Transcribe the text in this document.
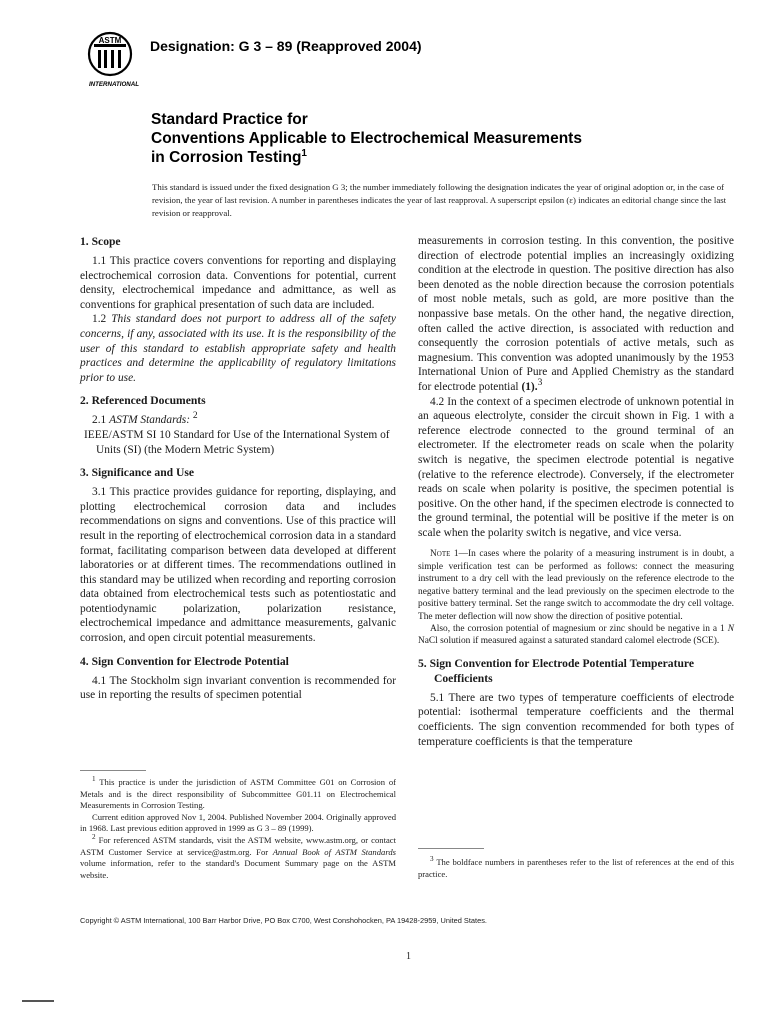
ASTM
INTERNATIONAL
Designation: G 3 – 89 (Reapproved 2004)
Standard Practice for
Conventions Applicable to Electrochemical Measurements
in Corrosion Testing$^1$
This standard is issued under the fixed designation G 3; the number immediately following the designation indicates the year of original adoption or, in the case of revision, the year of last revision. A number in parentheses indicates the year of last reapproval. A superscript epsilon (ε) indicates an editorial change since the last revision or reapproval.
1. Scope

1.1 This practice covers conventions for reporting and displaying electrochemical corrosion data. Conventions for potential, current density, electrochemical impedance and admittance, as well as conventions for graphical presentation of such data are included.

1.2 This standard does not purport to address all of the safety concerns, if any, associated with its use. It is the responsibility of the user of this standard to establish appropriate safety and health practices and determine the applicability of regulatory limitations prior to use.

2. Referenced Documents

2.1 ASTM Standards: $^2$

IEEE/ASTM SI 10 Standard for Use of the International System of Units (SI) (the Modern Metric System)

3. Significance and Use

3.1 This practice provides guidance for reporting, displaying, and plotting electrochemical corrosion data and includes recommendations on signs and conventions. Use of this practice will result in the reporting of electrochemical corrosion data in a standard format, facilitating comparison between data developed at different laboratories or at different times. The recommendations outlined in this standard may be utilized when recording and reporting corrosion data obtained from electrochemical tests such as potentiostatic and potentiodynamic polarization, polarization resistance, electrochemical impedance and admittance measurements, galvanic corrosion, and open circuit potential measurements.

4. Sign Convention for Electrode Potential

4.1 The Stockholm sign invariant convention is recommended for use in reporting the results of specimen potential

measurements in corrosion testing. In this convention, the positive direction of electrode potential implies an increasingly oxidizing condition at the electrode in question. The positive direction has also been denoted as the noble direction because the corrosion potentials of most noble metals, such as gold, are more positive than the nonpassive base metals. On the other hand, the negative direction, often called the active direction, is associated with reduction and consequently the corrosion potentials of active metals, such as magnesium. This convention was adopted unanimously by the 1953 International Union of Pure and Applied Chemistry as the standard for electrode potential (1).$^3$

4.2 In the context of a specimen electrode of unknown potential in an aqueous electrolyte, consider the circuit shown in Fig. 1 with a reference electrode connected to the ground terminal of an electrometer. If the electrometer reads on scale when the polarity switch is negative, the specimen electrode potential is negative (relative to the reference electrode). Conversely, if the electrometer reads on scale when polarity is positive, the specimen potential is positive. On the other hand, if the specimen electrode is connected to the ground terminal, the potential will be positive if the meter is on scale when the polarity switch is negative, and vice versa.

Note 1—In cases where the polarity of a measuring instrument is in doubt, a simple verification test can be performed as follows: connect the measuring instrument to a dry cell with the lead previously on the reference electrode to the negative battery terminal and the lead previously on the specimen electrode to the positive battery terminal. Set the range switch to accommodate the dry cell voltage. The meter deflection will now show the direction of positive potential.

Also, the corrosion potential of magnesium or zinc should be negative in a 1 N NaCl solution if measured against a saturated standard calomel electrode (SCE).

5. Sign Convention for Electrode Potential Temperature
Coefficients

5.1 There are two types of temperature coefficients of electrode potential: isothermal temperature coefficients and the thermal coefficients. The sign convention recommended for both types of temperature coefficients is that the temperature

$^1$ This practice is under the jurisdiction of ASTM Committee G01 on Corrosion of Metals and is the direct responsibility of Subcommittee G01.11 on Electrochemical Measurements in Corrosion Testing.

Current edition approved Nov 1, 2004. Published November 2004. Originally approved in 1968. Last previous edition approved in 1999 as G 3 – 89 (1999).

$^2$ For referenced ASTM standards, visit the ASTM website, www.astm.org, or contact ASTM Customer Service at service@astm.org. For Annual Book of ASTM Standards volume information, refer to the standard's Document Summary page on the ASTM website.

$^3$ The boldface numbers in parentheses refer to the list of references at the end of this practice.

Copyright © ASTM International, 100 Barr Harbor Drive, PO Box C700, West Conshohocken, PA 19428-2959, United States.
1
